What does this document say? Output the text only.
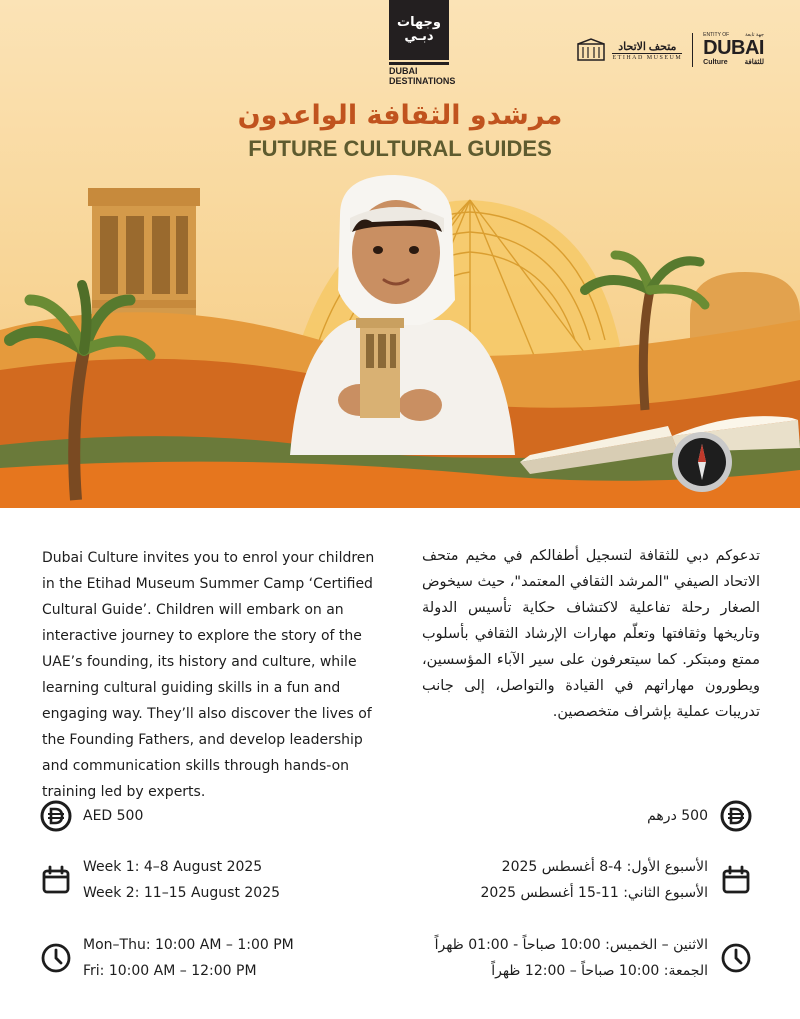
وجهات
دبـي
DUBAI
DESTINATIONS
متحف الاتحاد
ETIHAD MUSEUM
ENTITY OF	جهة تابعة
DUBAI
Culture للثقافة
مرشدو الثقافة الواعدون
FUTURE CULTURAL GUIDES

Dubai Culture invites you to enrol your children in the Etihad Museum Summer Camp ‘Certified Cultural Guide’. Children will embark on an interactive journey to explore the story of the UAE’s founding, its history and culture, while learning cultural guiding skills in a fun and engaging way. They’ll also discover the lives of the Founding Fathers, and develop leadership and communication skills through hands-on training led by experts.

تدعوكم دبي للثقافة لتسجيل أطفالكم في مخيم متحف الاتحاد الصيفي "المرشد الثقافي المعتمد"، حيث سيخوض الصغار رحلة تفاعلية لاكتشاف حكاية تأسيس الدولة وتاريخها وثقافتها وتعلّم مهارات الإرشاد الثقافي بأسلوب ممتع ومبتكر. كما سيتعرفون على سير الآباء المؤسسين، ويطورون مهاراتهم في القيادة والتواصل، إلى جانب تدريبات عملية بإشراف متخصصين.

AED 500	500 درهم
Week 1: 4–8 August 2025
Week 2: 11–15 August 2025
الأسبوع الأول: 4-8 أغسطس 2025
الأسبوع الثاني: 11-15 أغسطس 2025
Mon–Thu: 10:00 AM – 1:00 PM
Fri: 10:00 AM – 12:00 PM
الاثنين – الخميس: 10:00 صباحاً - 01:00 ظهراً
الجمعة: 10:00 صباحاً – 12:00 ظهراً
